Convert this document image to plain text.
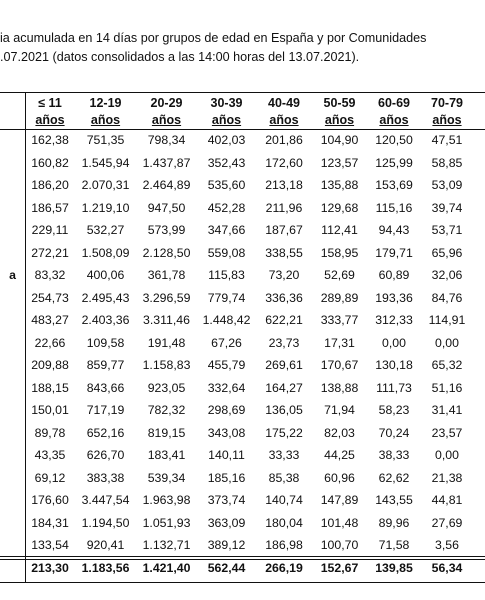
ia acumulada en 14 días por grupos de edad en España y por Comunidades
.07.2021 (datos consolidados a las 14:00 horas del 13.07.2021).
	≤ 11	12-19	20-29	30-39	40-49	50-59	60-69	70-79	
	años	años	años	años	años	años	años	años	
	162,38	751,35	798,34	402,03	201,86	104,90	120,50	47,51	
	160,82	1.545,94	1.437,87	352,43	172,60	123,57	125,99	58,85	
	186,20	2.070,31	2.464,89	535,60	213,18	135,88	153,69	53,09	
	186,57	1.219,10	947,50	452,28	211,96	129,68	115,16	39,74	
	229,11	532,27	573,99	347,66	187,67	112,41	94,43	53,71	
	272,21	1.508,09	2.128,50	559,08	338,55	158,95	179,71	65,96	
a	83,32	400,06	361,78	115,83	73,20	52,69	60,89	32,06	
	254,73	2.495,43	3.296,59	779,74	336,36	289,89	193,36	84,76	
	483,27	2.403,36	3.311,46	1.448,42	622,21	333,77	312,33	114,91	
	22,66	109,58	191,48	67,26	23,73	17,31	0,00	0,00	
	209,88	859,77	1.158,83	455,79	269,61	170,67	130,18	65,32	
	188,15	843,66	923,05	332,64	164,27	138,88	111,73	51,16	
	150,01	717,19	782,32	298,69	136,05	71,94	58,23	31,41	
	89,78	652,16	819,15	343,08	175,22	82,03	70,24	23,57	
	43,35	626,70	183,41	140,11	33,33	44,25	38,33	0,00	
	69,12	383,38	539,34	185,16	85,38	60,96	62,62	21,38	
	176,60	3.447,54	1.963,98	373,74	140,74	147,89	143,55	44,81	
	184,31	1.194,50	1.051,93	363,09	180,04	101,48	89,96	27,69	
	133,54	920,41	1.132,71	389,12	186,98	100,70	71,58	3,56	
	213,30	1.183,56	1.421,40	562,44	266,19	152,67	139,85	56,34	
